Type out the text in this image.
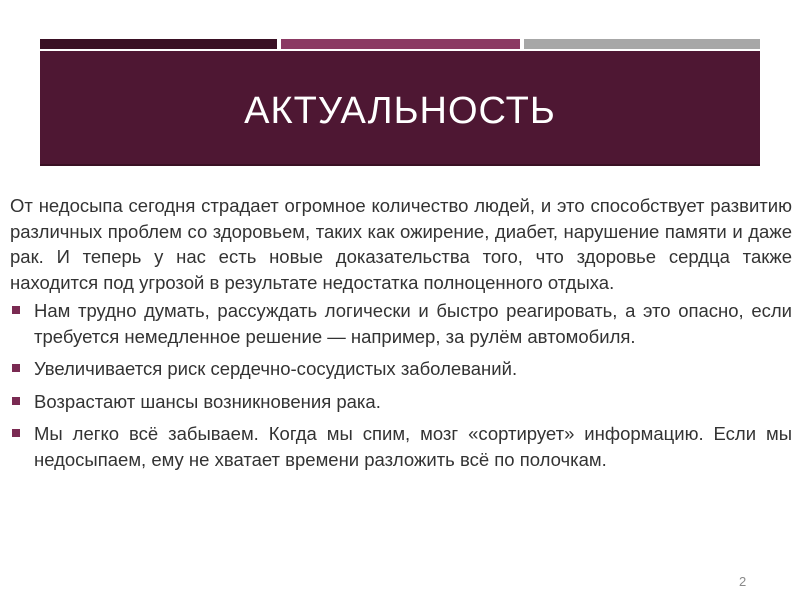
АКТУАЛЬНОСТЬ

От недосыпа сегодня страдает огромное количество людей, и это способствует развитию различных проблем со здоровьем, таких как ожирение, диабет, нарушение памяти и даже рак. И теперь у нас есть новые доказательства того, что здоровье сердца также находится под угрозой в результате недостатка полноценного отдыха.

Нам трудно думать, рассуждать логически и быстро реагировать, а это опасно, если требуется немедленное решение — например, за рулём автомобиля.
Увеличивается риск сердечно-сосудистых заболеваний.
Возрастают шансы возникновения рака.
Мы легко всё забываем. Когда мы спим, мозг «сортирует» информацию. Если мы недосыпаем, ему не хватает времени разложить всё по полочкам.
2
